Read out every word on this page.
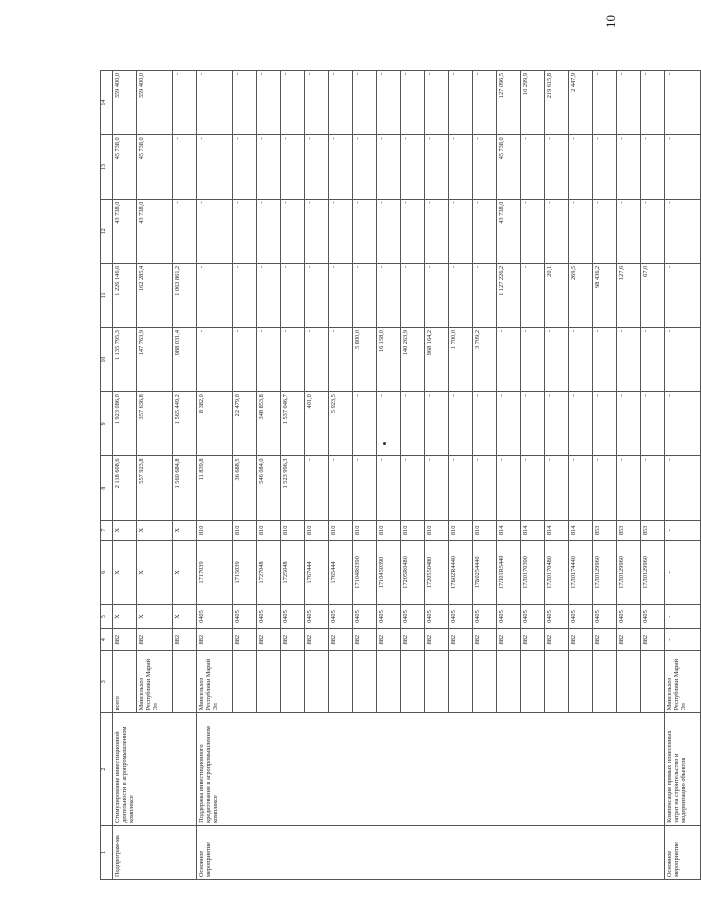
10
1	2	3	4	5	6	7	8	9	10	11	12	13	14
Подпрограм-ма	Стимулирование инвестиционной деятельности в агропромышленном комплексе	всего	882	X	X	X	2 118 608,6	1 923 086,0	1 135 795,3	1 226 146,6	43 738,0	45 738,0	359 400,0
		Минсельхоз Республики Марий Эл	882	X	X	X	557 923,8	357 636,8	147 763,9	162 285,4	43 738,0	45 738,0	359 400,0
			882	X	X	X	1 560 684,8	1 565 449,2	988 031,4	1 063 861,2	-	-	-
Основное мероприятие	Поддержка инвестиционного кредитования в агропромышленном комплексе	Минсельхоз Республики Марий Эл	882	0405	1717039	810	11 839,8	8 382,0	-	-	-	-	-
			882	0405	1715039	810	36 688,5	22 479,0	-	-	-	-	-
			882	0405	1727048	810	546 084,0	348 853,8	-	-	-	-	-
			882	0405	1725048	810	1 523 996,3	1 537 046,7	-	-	-	-	-
			882	0405	1767444	810	-	401,0	-	-	-	-	-
			882	0405	1765444	810	-	5 923,5	-	-	-	-	-
			882	0405	17104R0390	810	-	-	5 800,0	-	-	-	-
			882	0405	1710450390	810	-	-	16 158,0	-	-	-	-
			882	0405	17205R0480	810	-	-	140 263,9	-	-	-	-
			882	0405	1720550480	810	-	-	968 164,2	-	-	-	-
			882	0405	17Б02R4440	810	-	-	1 700,0	-	-	-	-
			882	0405	17Б0254440	810	-	-	3 709,2	-	-	-	-
			882	0405	17Л01R5440	814	-	-	-	1 127 226,2	43 738,0	45 738,0	127 096,5
			882	0405	17Л0170390	814	-	-	-	-	-	-	10 299,9
			882	0405	17Л0170480	814	-	-	-	20,1	-	-	219 615,8
			882	0405	17Л0174440	814	-	-	-	269,5	-	-	2 447,9
			882	0405	17Л0129960	853	-	-	-	98 436,2	-	-	-
			882	0405	17Л0129960	853	-	-	-	127,6	-	-	-
			882	0405	17Л0129960	853	-	-	-	67,0	-	-	-
Основное мероприятие	Компенсация прямых понесенных затрат на строительство и модернизацию объектов	Минсельхоз Республики Марий Эл	-	-	-	-	-	-	-	-	-	-	-
